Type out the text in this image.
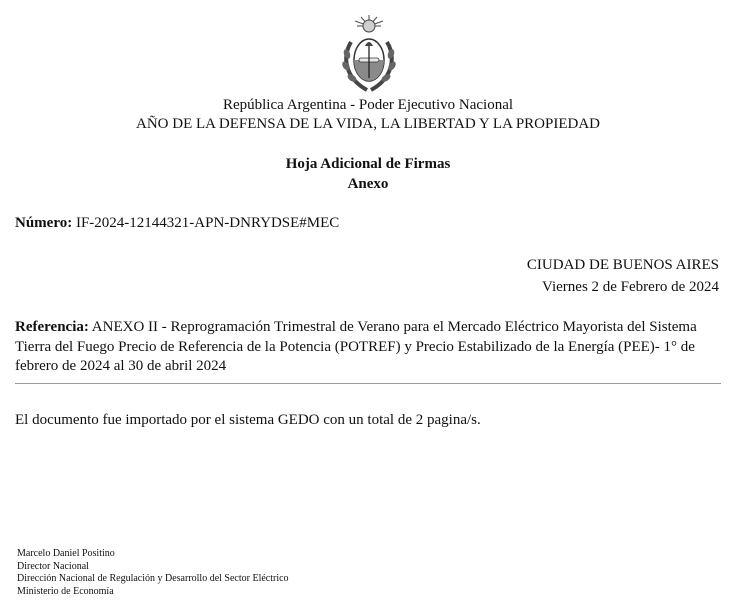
República Argentina - Poder Ejecutivo Nacional
AÑO DE LA DEFENSA DE LA VIDA, LA LIBERTAD Y LA PROPIEDAD
Hoja Adicional de Firmas
Anexo
Número: IF-2024-12144321-APN-DNRYDSE#MEC
CIUDAD DE BUENOS AIRES
Viernes 2 de Febrero de 2024
Referencia: ANEXO II - Reprogramación Trimestral de Verano para el Mercado Eléctrico Mayorista del Sistema Tierra del Fuego Precio de Referencia de la Potencia (POTREF) y Precio Estabilizado de la Energía (PEE)- 1° de febrero de 2024 al 30 de abril 2024
El documento fue importado por el sistema GEDO con un total de 2 pagina/s.
Marcelo Daniel Positino
Director Nacional
Dirección Nacional de Regulación y Desarrollo del Sector Eléctrico
Ministerio de Economía
